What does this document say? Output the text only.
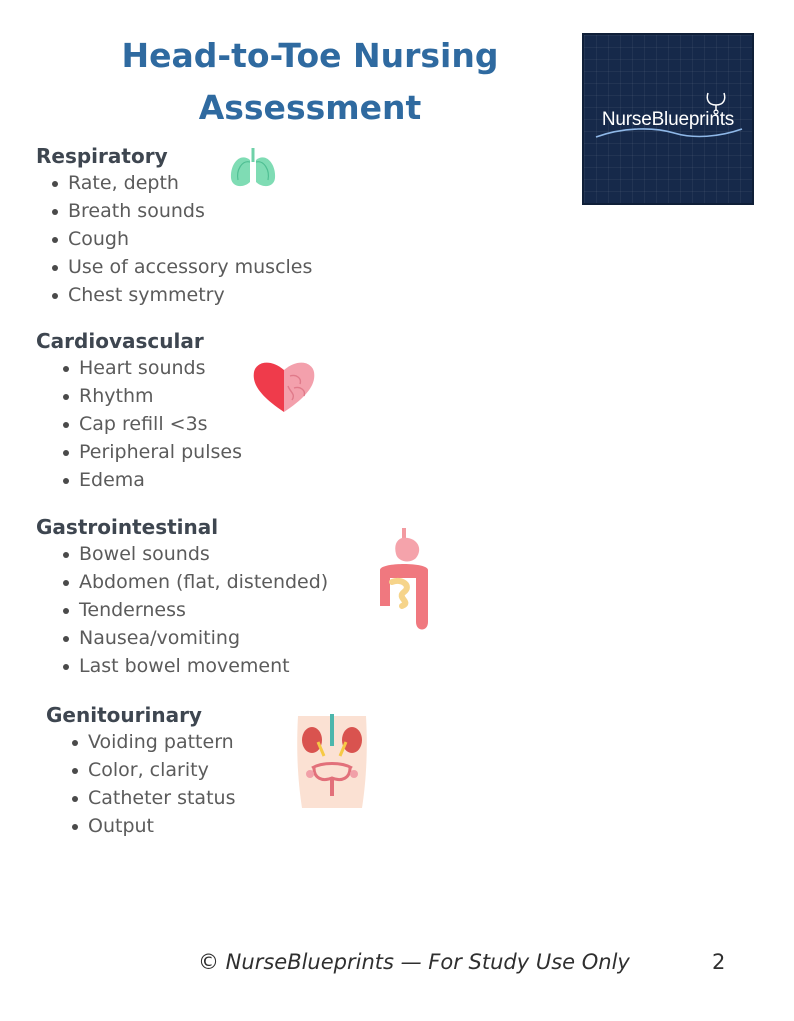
Head-to-Toe Nursing Assessment	NurseBlueprints
Respiratory
Rate, depth
Breath sounds
Cough
Use of accessory muscles
Chest symmetry
Cardiovascular
Heart sounds
Rhythm
Cap refill <3s
Peripheral pulses
Edema
Gastrointestinal
Bowel sounds
Abdomen (flat, distended)
Tenderness
Nausea/vomiting
Last bowel movement
Genitourinary
Voiding pattern
Color, clarity
Catheter status
Output
© NurseBlueprints — For Study Use Only	2
